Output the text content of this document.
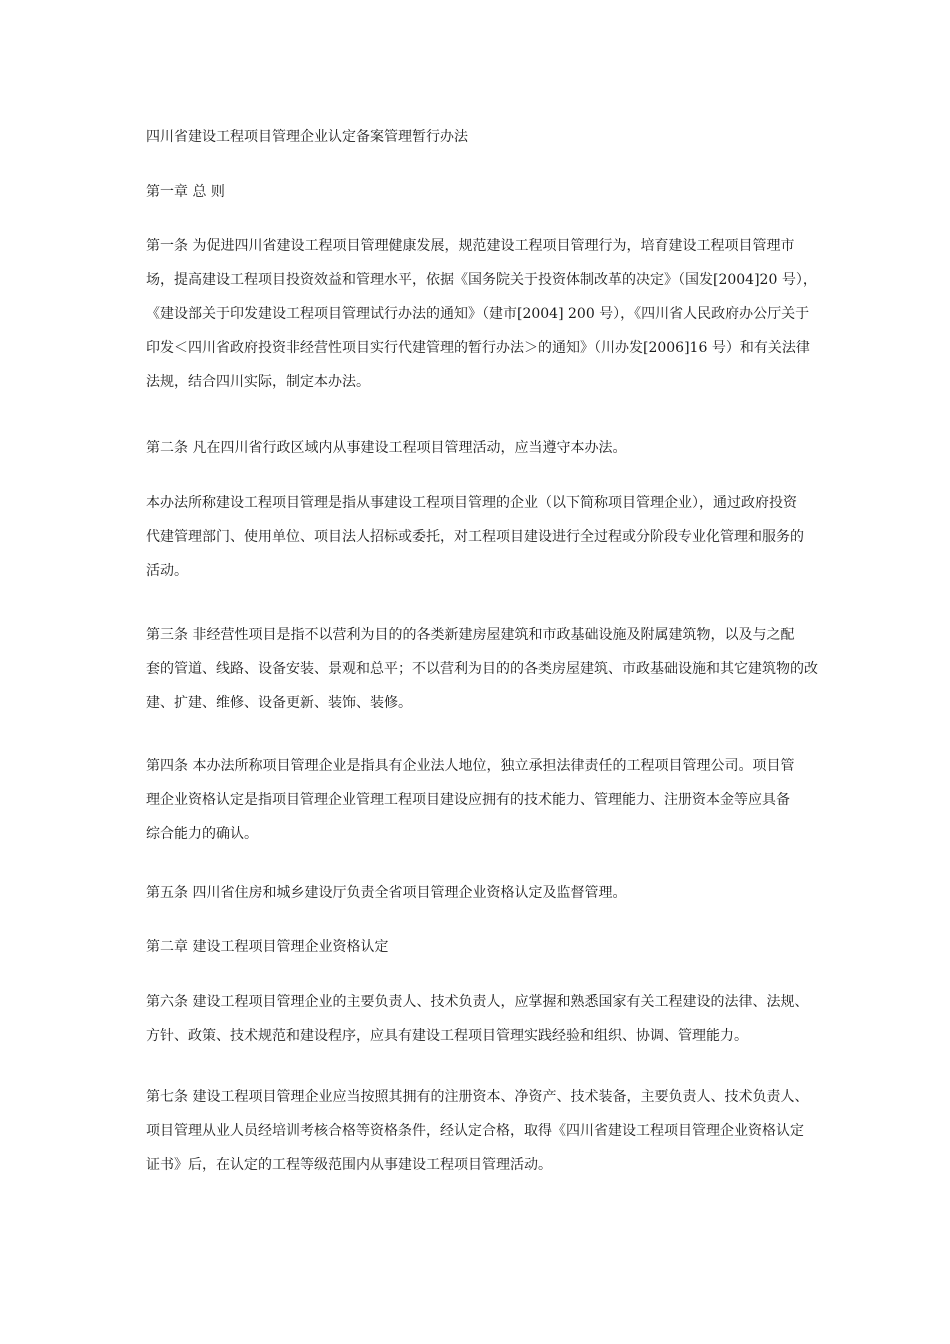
四川省建设工程项目管理企业认定备案管理暂行办法

第一章 总 则

第一条 为促进四川省建设工程项目管理健康发展，规范建设工程项目管理行为，培育建设工程项目管理市
场，提高建设工程项目投资效益和管理水平，依据《国务院关于投资体制改革的决定》（国发[2004]20 号），
《建设部关于印发建设工程项目管理试行办法的通知》（建市[2004] 200 号），《四川省人民政府办公厅关于
印发＜四川省政府投资非经营性项目实行代建管理的暂行办法＞的通知》（川办发[2006]16 号）和有关法律
法规，结合四川实际，制定本办法。

第二条 凡在四川省行政区域内从事建设工程项目管理活动，应当遵守本办法。

本办法所称建设工程项目管理是指从事建设工程项目管理的企业（以下简称项目管理企业），通过政府投资
代建管理部门、使用单位、项目法人招标或委托，对工程项目建设进行全过程或分阶段专业化管理和服务的
活动。

第三条 非经营性项目是指不以营利为目的的各类新建房屋建筑和市政基础设施及附属建筑物，以及与之配
套的管道、线路、设备安装、景观和总平；不以营利为目的的各类房屋建筑、市政基础设施和其它建筑物的改
建、扩建、维修、设备更新、装饰、装修。

第四条 本办法所称项目管理企业是指具有企业法人地位，独立承担法律责任的工程项目管理公司。项目管
理企业资格认定是指项目管理企业管理工程项目建设应拥有的技术能力、管理能力、注册资本金等应具备
综合能力的确认。

第五条 四川省住房和城乡建设厅负责全省项目管理企业资格认定及监督管理。

第二章 建设工程项目管理企业资格认定

第六条 建设工程项目管理企业的主要负责人、技术负责人，应掌握和熟悉国家有关工程建设的法律、法规、
方针、政策、技术规范和建设程序，应具有建设工程项目管理实践经验和组织、协调、管理能力。

第七条 建设工程项目管理企业应当按照其拥有的注册资本、净资产、技术装备，主要负责人、技术负责人、
项目管理从业人员经培训考核合格等资格条件，经认定合格，取得《四川省建设工程项目管理企业资格认定
证书》后，在认定的工程等级范围内从事建设工程项目管理活动。
